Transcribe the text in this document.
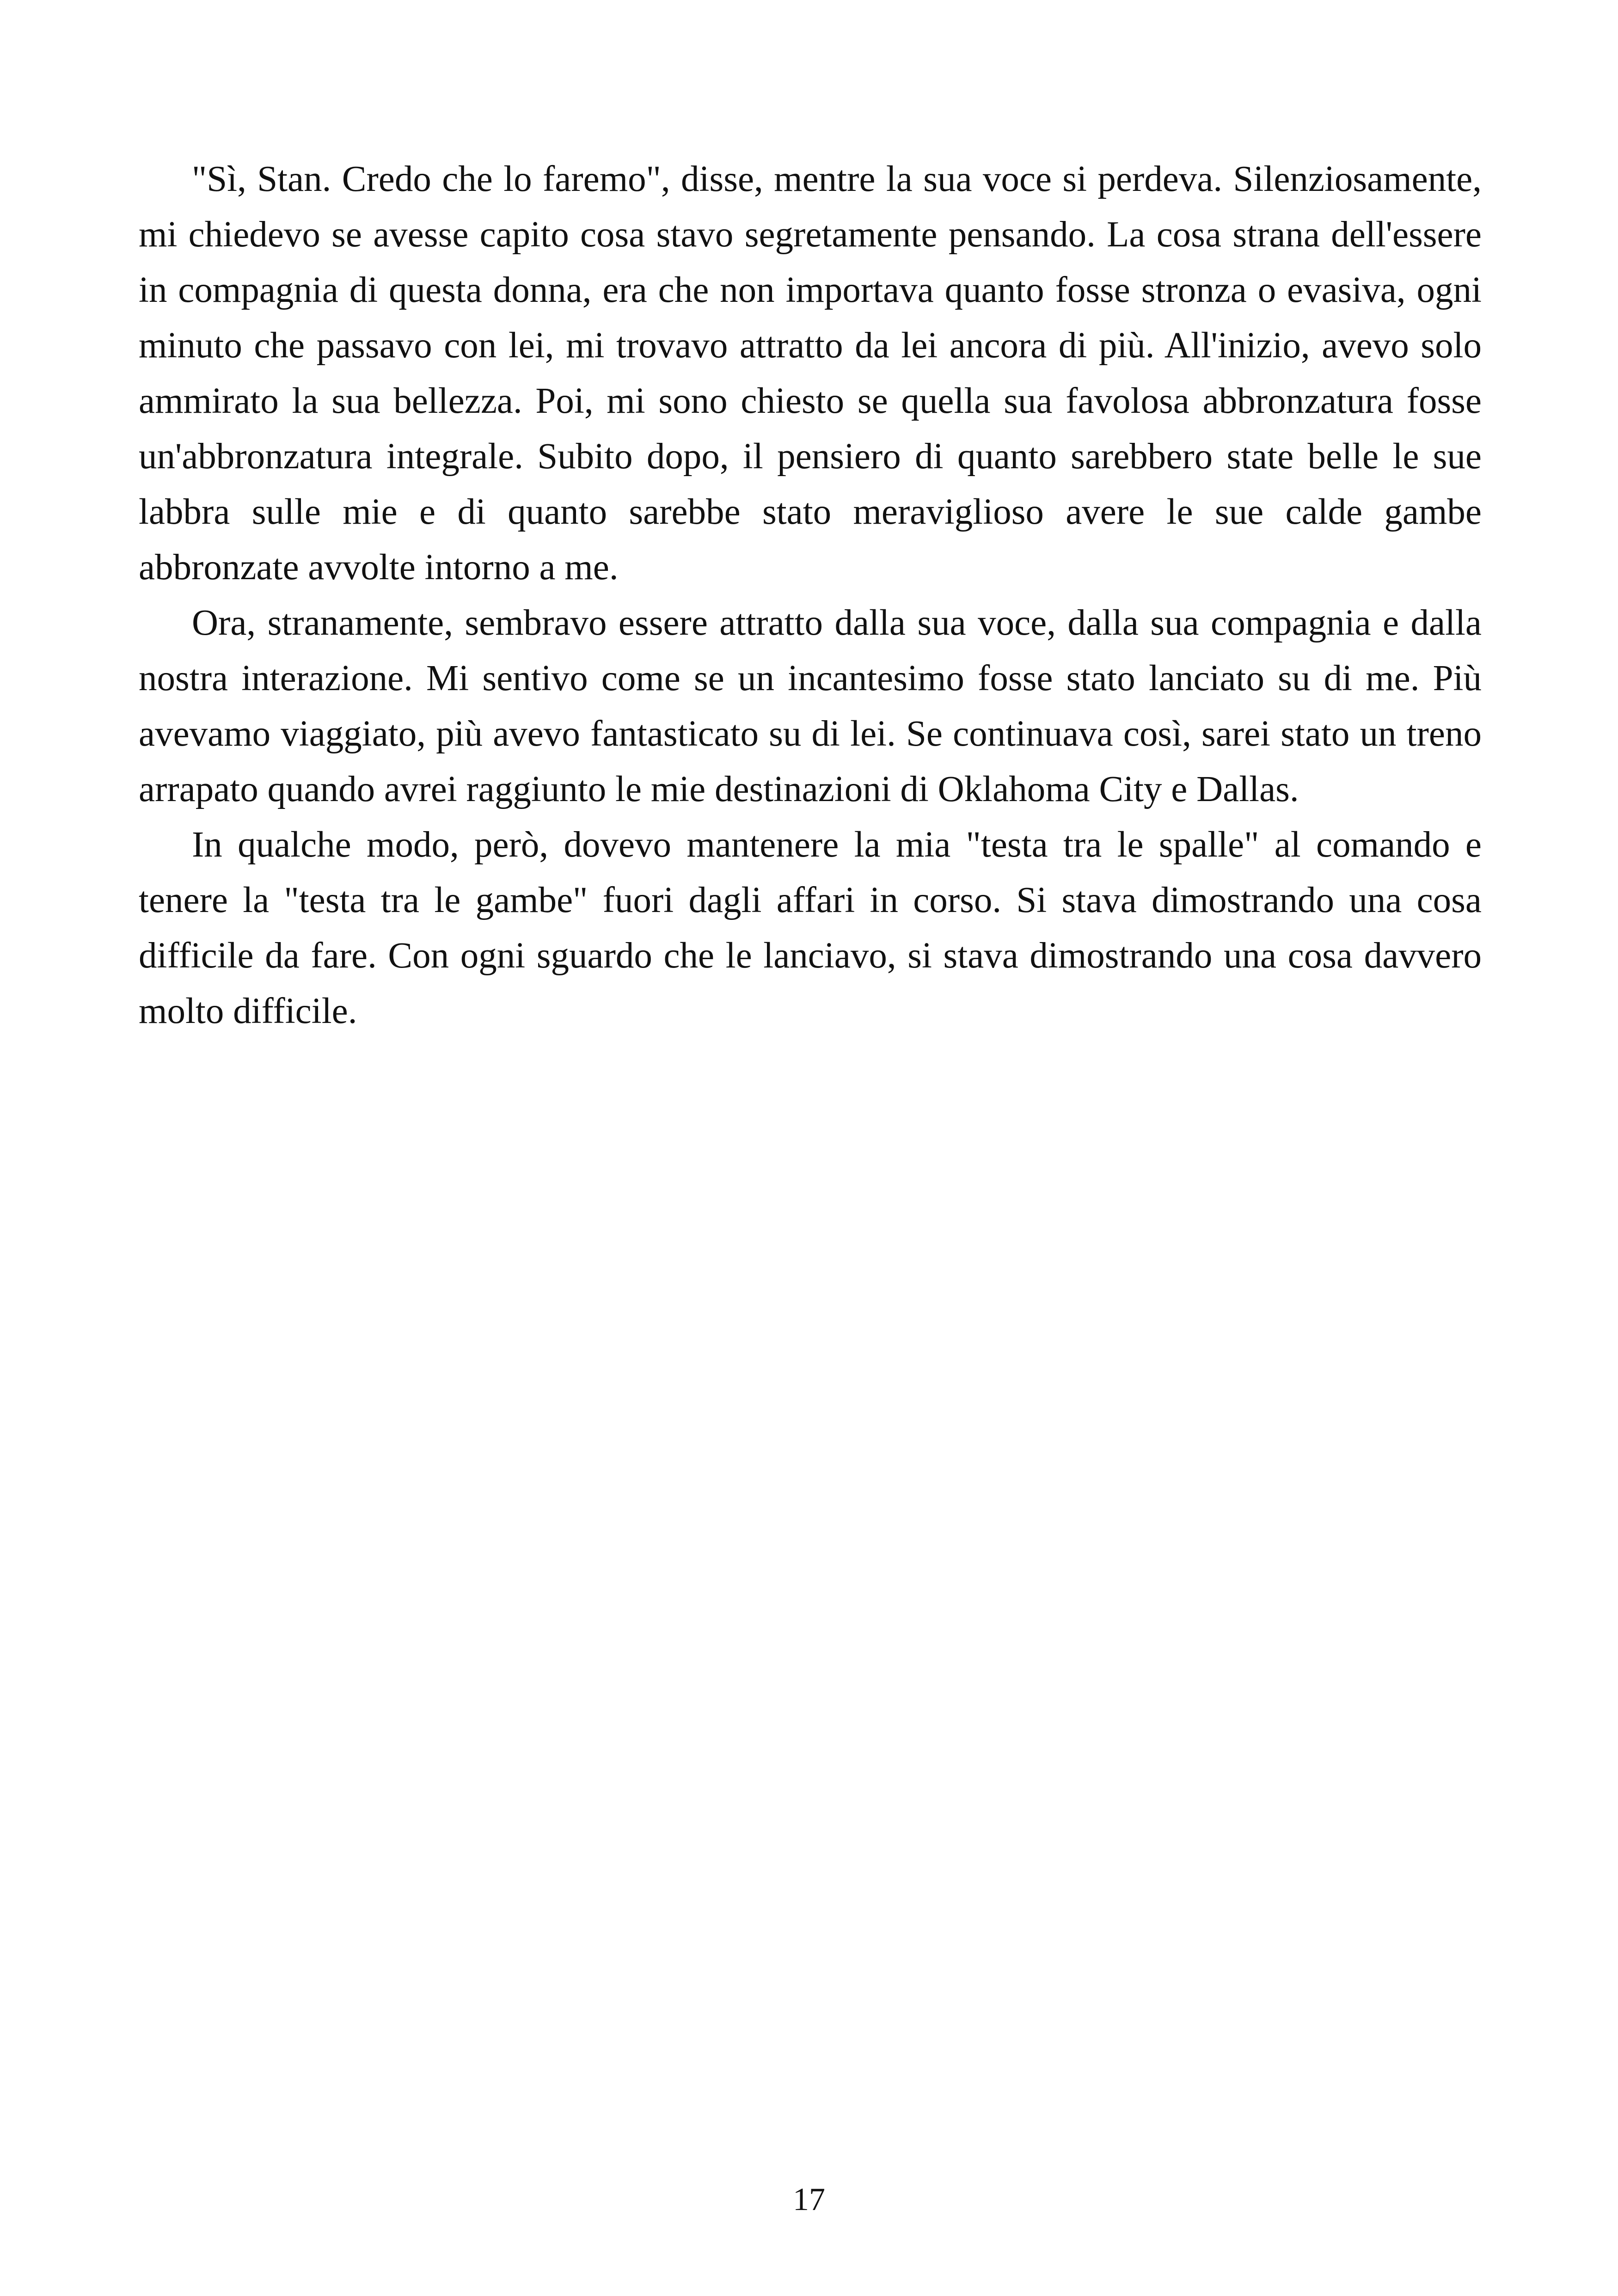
"Sì, Stan. Credo che lo faremo", disse, mentre la sua voce si perdeva. Silenziosamente, mi chiedevo se avesse capito cosa stavo segretamente pensando. La cosa strana dell'essere in compagnia di questa donna, era che non importava quanto fosse stronza o evasiva, ogni minuto che passavo con lei, mi trovavo attratto da lei ancora di più. All'inizio, avevo solo ammirato la sua bellezza. Poi, mi sono chiesto se quella sua favolosa abbronzatura fosse un'abbronzatura integrale. Subito dopo, il pensiero di quanto sarebbero state belle le sue labbra sulle mie e di quanto sarebbe stato meraviglioso avere le sue calde gambe abbronzate avvolte intorno a me.

Ora, stranamente, sembravo essere attratto dalla sua voce, dalla sua compagnia e dalla nostra interazione. Mi sentivo come se un incantesimo fosse stato lanciato su di me. Più avevamo viaggiato, più avevo fantasticato su di lei. Se continuava così, sarei stato un treno arrapato quando avrei raggiunto le mie destinazioni di Oklahoma City e Dallas.

In qualche modo, però, dovevo mantenere la mia "testa tra le spalle" al comando e tenere la "testa tra le gambe" fuori dagli affari in corso. Si stava dimostrando una cosa difficile da fare. Con ogni sguardo che le lanciavo, si stava dimostrando una cosa davvero molto difficile.

17
